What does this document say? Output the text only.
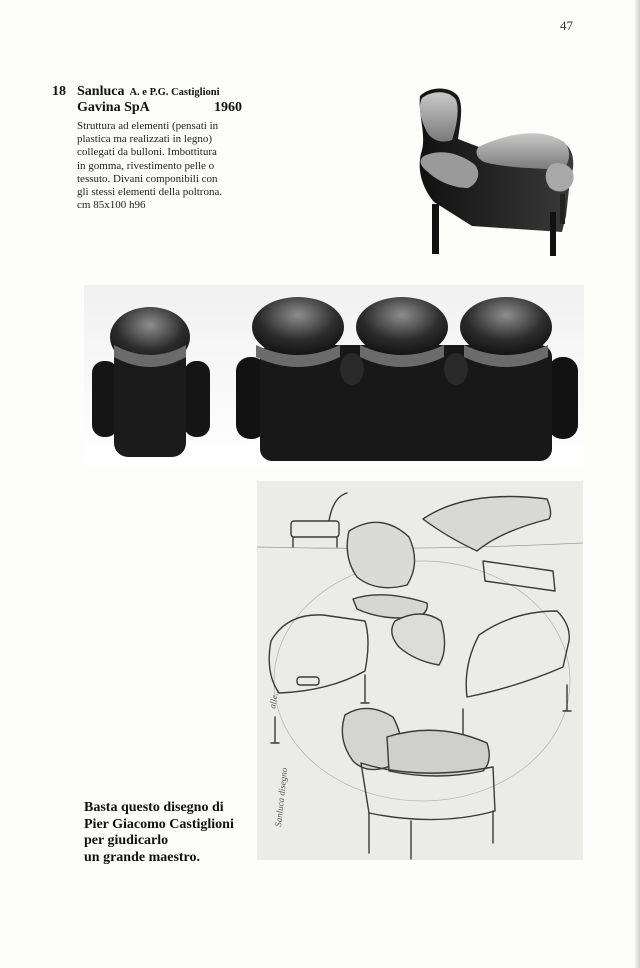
47
18 Sanluca A. e P.G. Castiglioni
Gavina SpA	1960
Struttura ad elementi (pensati in
plastica ma realizzati in legno)
collegati da bulloni. Imbottitura
in gomma, rivestimento pelle o
tessuto. Divani componibili con
gli stessi elementi della poltrona.
cm 85x100 h96
alle...
Sanluca disegno
Basta questo disegno di
Pier Giacomo Castiglioni
per giudicarlo
un grande maestro.
